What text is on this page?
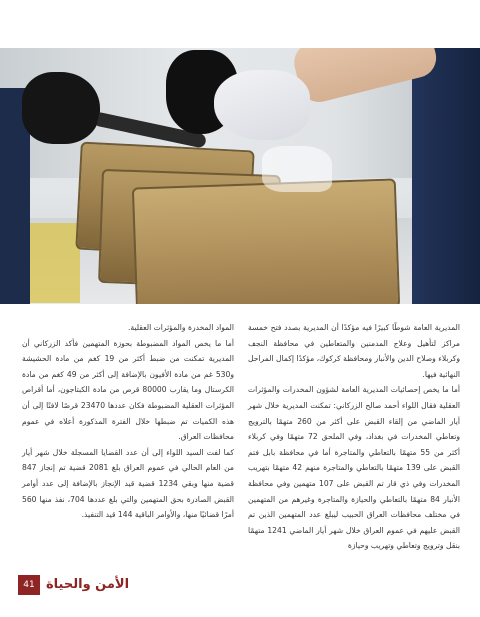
المديرية العامة شوطًا كبيرًا فيه مؤكدًا أن المديرية بصدد فتح خمسة مراكز لتأهيل وعلاج المدمنين والمتعاطين في محافظة النجف وكربلاء وصلاح الدين والأنبار ومحافظة كركوك، مؤكدًا إكمال المراحل النهائية فيها.

أما ما يخص إحصائيات المديرية العامة لشؤون المخدرات والمؤثرات العقلية فقال اللواء أحمد صالح الزركاني: تمكنت المديرية خلال شهر أيار الماضي من إلقاء القبض على أكثر من 260 متهمًا بالترويج وتعاطي المخدرات في بغداد، وفي الملحق 72 متهمًا وفي كربلاء أكثر من 55 متهمًا بالتعاطي والمتاجرة أما في محافظة بابل فتم القبض على 139 متهمًا بالتعاطي والمتاجرة منهم 42 متهمًا بتهريب المخدرات وفي ذي قار تم القبض على 107 متهمين وفي محافظة الأنبار 84 متهمًا بالتعاطي والحيازة والمتاجرة وغيرهم من المتهمين في مختلف محافظات العراق الحبيب ليبلغ عدد المتهمين الذين تم القبض عليهم في عموم العراق خلال شهر أيار الماضي 1241 متهمًا بنقل وترويج وتعاطي وتهريب وحيازة

المواد المخدرة والمؤثرات العقلية.

أما ما يخص المواد المضبوطة بحوزة المتهمين فأكد الزركاني أن المديرية تمكنت من ضبط أكثر من 19 كغم من مادة الحشيشة و530 غم من مادة الأفيون بالإضافة إلى أكثر من 49 كغم من مادة الكرستال وما يقارب 80000 قرص من مادة الكبتاجون، أما أقراص المؤثرات العقلية المضبوطة فكان عددها 23470 قرصًا لافتًا إلى أن هذه الكميات تم ضبطها خلال الفترة المذكورة أعلاه في عموم محافظات العراق.

كما لفت السيد اللواء إلى أن عدد القضايا المسجلة خلال شهر أيار من العام الحالي في عموم العراق بلغ 2081 قضية تم إنجاز 847 قضية منها وبقي 1234 قضية قيد الإنجاز بالإضافة إلى عدد أوامر القبض الصادرة بحق المتهمين والتي بلغ عددها 704، نفذ منها 560 أمرًا قضائيًا منها، والأوامر الباقية 144 قيد التنفيذ.

41 الأمن والحياة
